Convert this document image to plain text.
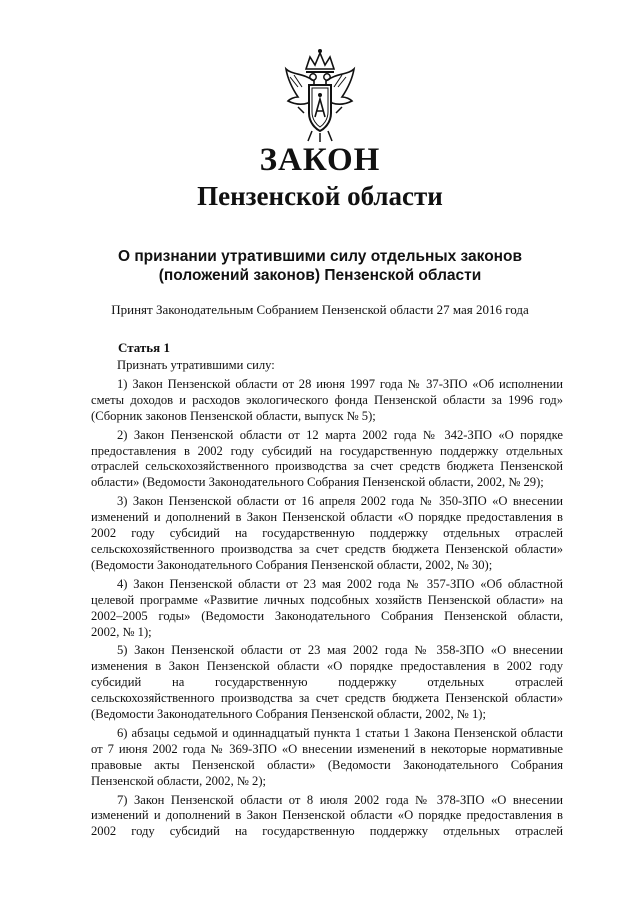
ЗАКОН
Пензенской области
О признании утратившими силу отдельных законов
(положений законов) Пензенской области
Принят Законодательным Собранием Пензенской области 27 мая 2016 года
Статья 1

Признать утратившими силу:

1) Закон Пензенской области от 28 июня 1997 года № 37-ЗПО «Об исполнении
сметы доходов и расходов экологического фонда Пензенской области за 1996 год»
(Сборник законов Пензенской области, выпуск № 5);
2) Закон Пензенской области от 12 марта 2002 года № 342-ЗПО «О порядке
предоставления в 2002 году субсидий на государственную поддержку отдельных
отраслей сельскохозяйственного производства за счет средств бюджета Пензенской
области» (Ведомости Законодательного Собрания Пензенской области, 2002, № 29);
3) Закон Пензенской области от 16 апреля 2002 года № 350-ЗПО «О внесении
изменений и дополнений в Закон Пензенской области «О порядке предоставления в
2002 году субсидий на государственную поддержку отдельных отраслей
сельскохозяйственного производства за счет средств бюджета Пензенской области»
(Ведомости Законодательного Собрания Пензенской области, 2002, № 30);
4) Закон Пензенской области от 23 мая 2002 года № 357-ЗПО «Об областной
целевой программе «Развитие личных подсобных хозяйств Пензенской области» на
2002–2005 годы» (Ведомости Законодательного Собрания Пензенской области,
2002, № 1);
5) Закон Пензенской области от 23 мая 2002 года № 358-ЗПО «О внесении
изменения в Закон Пензенской области «О порядке предоставления в 2002 году
субсидий на государственную поддержку отдельных отраслей
сельскохозяйственного производства за счет средств бюджета Пензенской области»
(Ведомости Законодательного Собрания Пензенской области, 2002, № 1);
6) абзацы седьмой и одиннадцатый пункта 1 статьи 1 Закона Пензенской области
от 7 июня 2002 года № 369-ЗПО «О внесении изменений в некоторые нормативные
правовые акты Пензенской области» (Ведомости Законодательного Собрания
Пензенской области, 2002, № 2);
7) Закон Пензенской области от 8 июля 2002 года № 378-ЗПО «О внесении
изменений и дополнений в Закон Пензенской области «О порядке предоставления в
2002 году субсидий на государственную поддержку отдельных отраслей
